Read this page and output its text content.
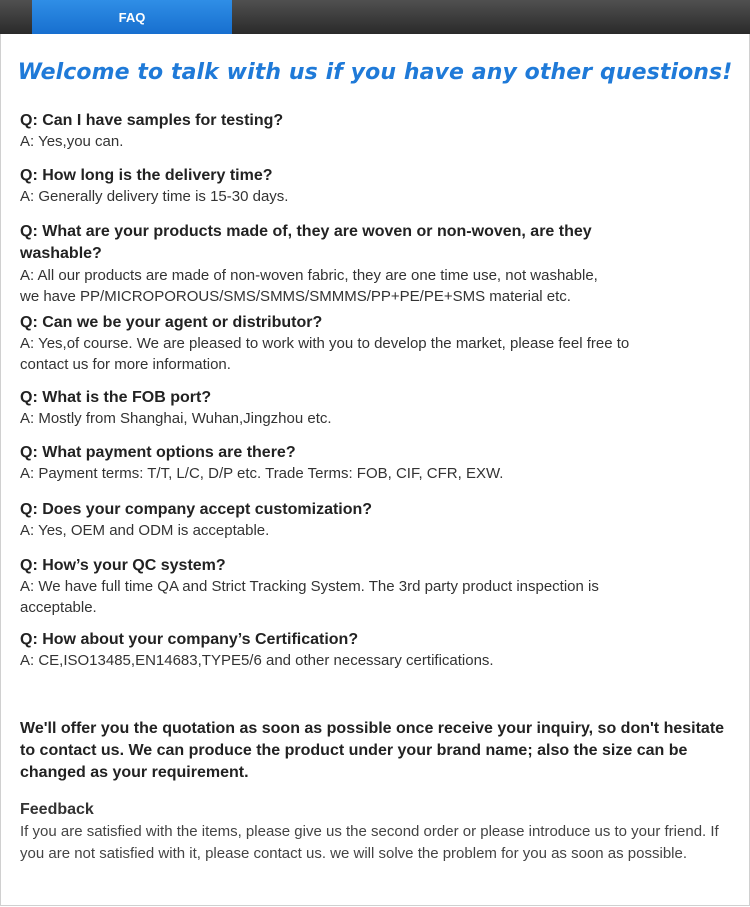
FAQ
Welcome to talk with us if you have any other questions!
Q: Can I have samples for testing?
A: Yes,you can.
Q: How long is the delivery time?
A: Generally delivery time is 15-30 days.
Q: What are your products made of, they are woven or non-woven, are they washable?
A: All our products are made of non-woven fabric, they are one time use, not washable,
we have PP/MICROPOROUS/SMS/SMMS/SMMMS/PP+PE/PE+SMS material etc.
Q: Can we be your agent or distributor?
A: Yes,of course. We are pleased to work with you to develop the market, please feel free to contact us for more information.
Q: What is the FOB port?
A: Mostly from Shanghai, Wuhan,Jingzhou etc.
Q: What payment options are there?
A: Payment terms: T/T, L/C, D/P etc. Trade Terms: FOB, CIF, CFR, EXW.
Q: Does your company accept customization?
A: Yes, OEM and ODM is acceptable.
Q: How’s your QC system?
A: We have full time QA and Strict Tracking System. The 3rd party product inspection is acceptable.
Q: How about your company’s Certification?
A: CE,ISO13485,EN14683,TYPE5/6 and other necessary certifications.
We'll offer you the quotation as soon as possible once receive your inquiry, so don't hesitate to contact us. We can produce the product under your brand name; also the size can be changed as your requirement.
Feedback
If you are satisfied with the items, please give us the second order or please introduce us to your friend. If you are not satisfied with it, please contact us. we will solve the problem for you as soon as possible.
